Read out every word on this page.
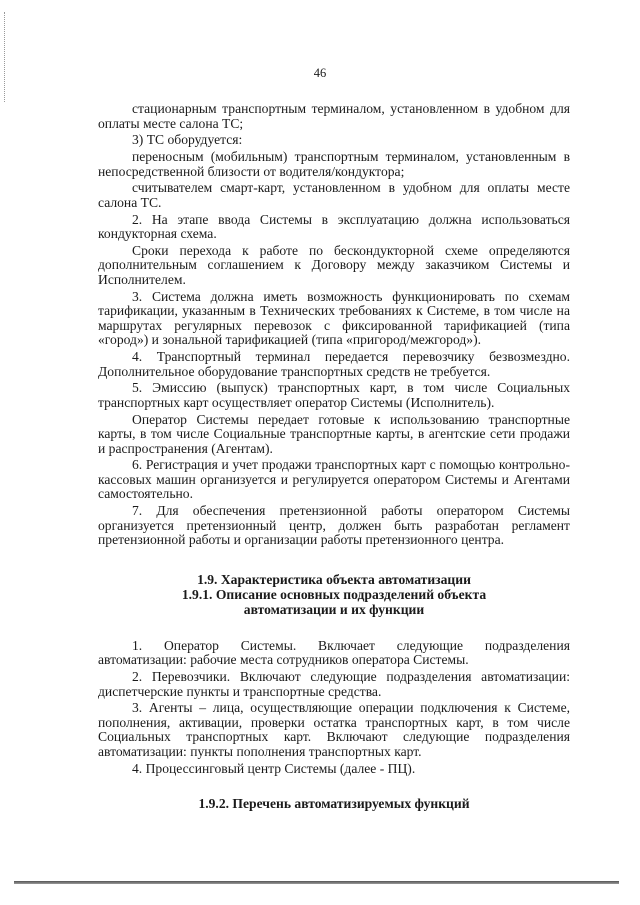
46

стационарным транспортным терминалом, установленном в удобном для оплаты месте салона ТС;

3) ТС оборудуется:

переносным (мобильным) транспортным терминалом, установленным в непосредственной близости от водителя/кондуктора;

считывателем смарт-карт, установленном в удобном для оплаты месте салона ТС.

2. На этапе ввода Системы в эксплуатацию должна использоваться кондукторная схема.

Сроки перехода к работе по бескондукторной схеме определяются дополнительным соглашением к Договору между заказчиком Системы и Исполнителем.

3. Система должна иметь возможность функционировать по схемам тарификации, указанным в Технических требованиях к Системе, в том числе на маршрутах регулярных перевозок с фиксированной тарификацией (типа «город») и зональной тарификацией (типа «пригород/межгород»).

4. Транспортный терминал передается перевозчику безвозмездно. Дополнительное оборудование транспортных средств не требуется.

5. Эмиссию (выпуск) транспортных карт, в том числе Социальных транспортных карт осуществляет оператор Системы (Исполнитель).

Оператор Системы передает готовые к использованию транспортные карты, в том числе Социальные транспортные карты, в агентские сети продажи и распространения (Агентам).

6. Регистрация и учет продажи транспортных карт с помощью контрольно-кассовых машин организуется и регулируется оператором Системы и Агентами самостоятельно.

7. Для обеспечения претензионной работы оператором Системы организуется претензионный центр, должен быть разработан регламент претензионной работы и организации работы претензионного центра.

1.9. Характеристика объекта автоматизации
1.9.1. Описание основных подразделений объекта
автоматизации и их функции

1. Оператор Системы. Включает следующие подразделения автоматизации: рабочие места сотрудников оператора Системы.

2. Перевозчики. Включают следующие подразделения автоматизации: диспетчерские пункты и транспортные средства.

3. Агенты – лица, осуществляющие операции подключения к Системе, пополнения, активации, проверки остатка транспортных карт, в том числе Социальных транспортных карт. Включают следующие подразделения автоматизации: пункты пополнения транспортных карт.

4. Процессинговый центр Системы (далее - ПЦ).

1.9.2. Перечень автоматизируемых функций
